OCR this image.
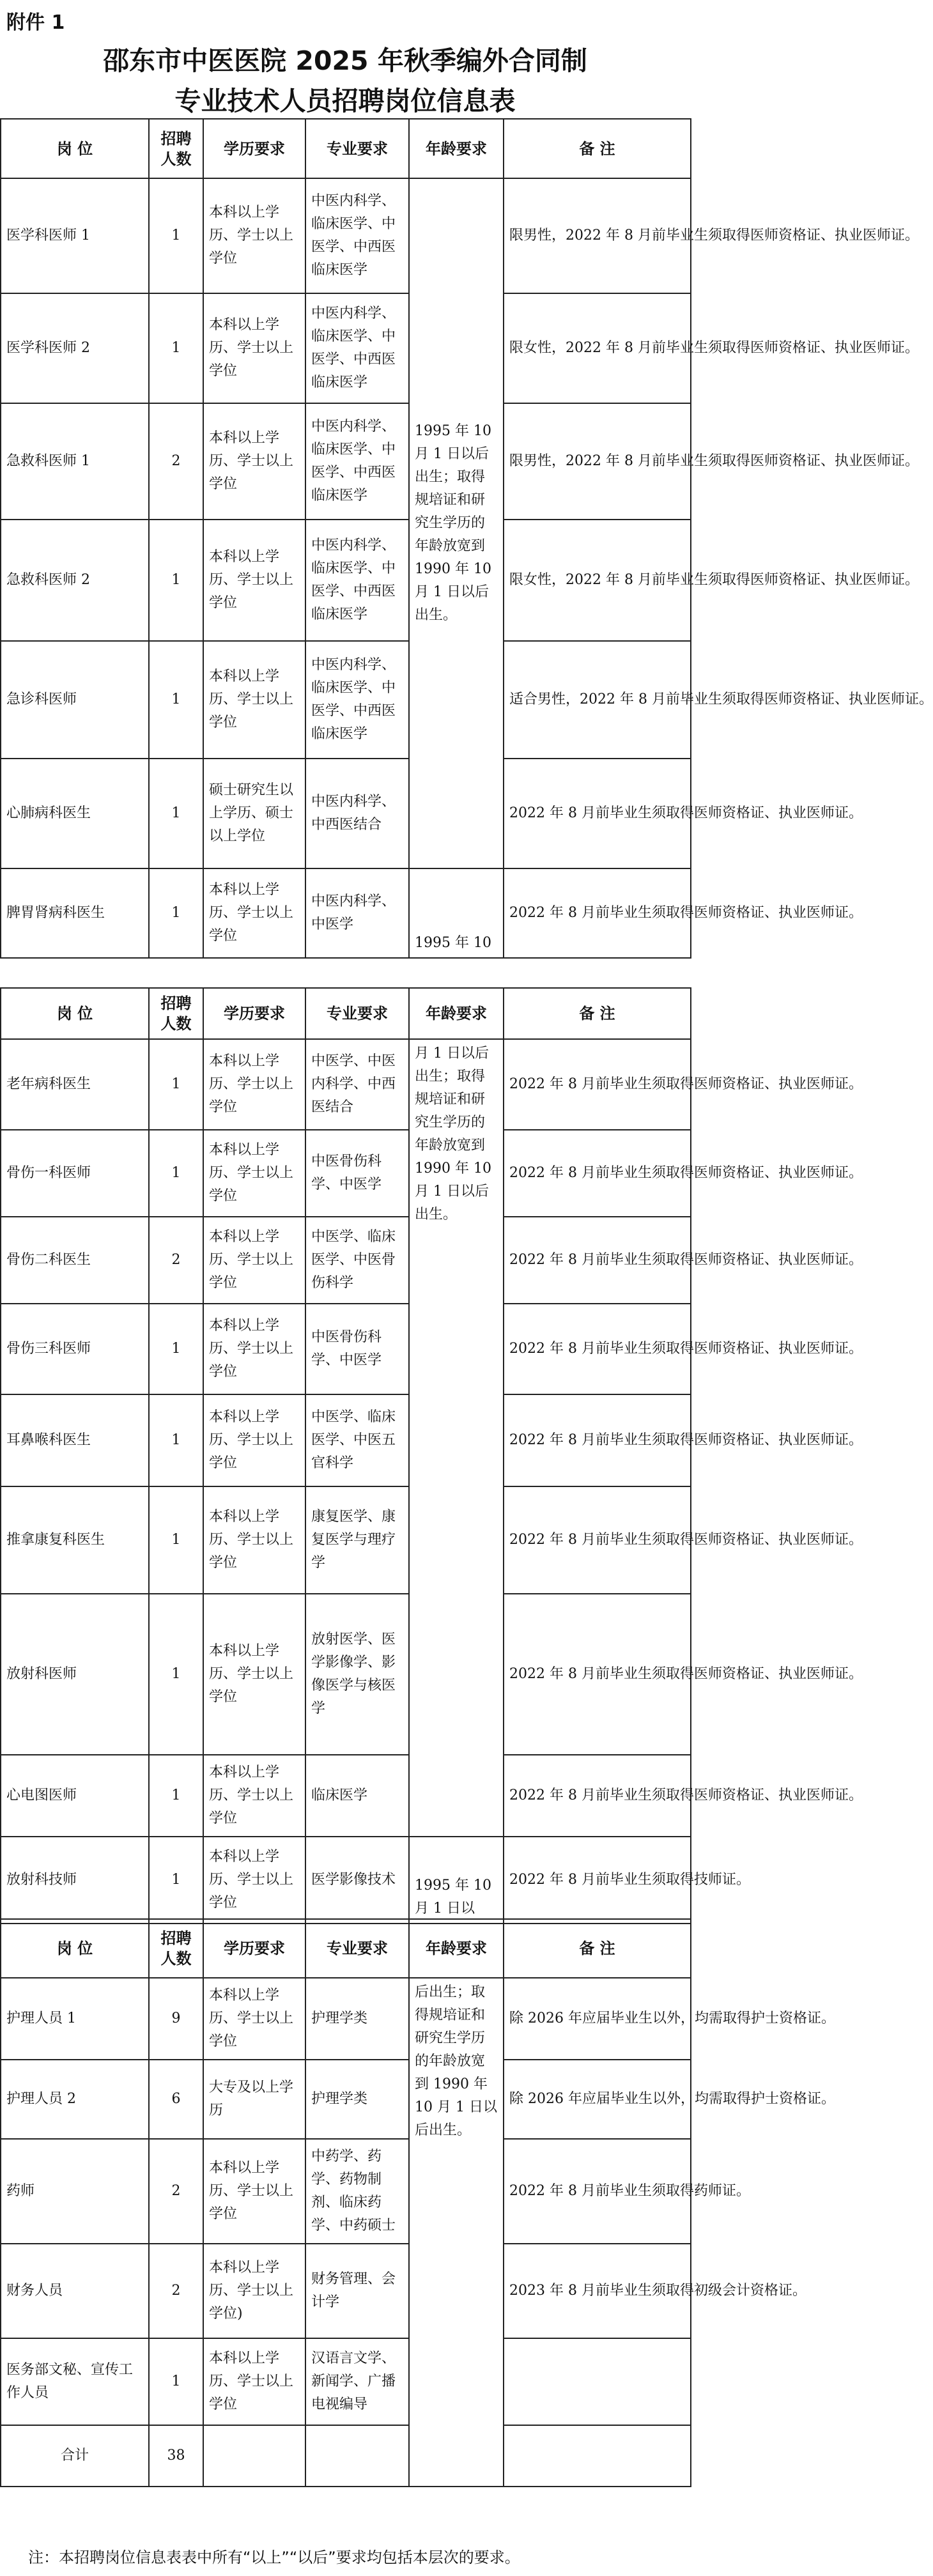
附件 1
邵东市中医医院 2025 年秋季编外合同制
专业技术人员招聘岗位信息表
岗 位	招聘人数	学历要求	专业要求	年龄要求	备 注
医学科医师 1	1	本科以上学历、学士以上学位	中医内科学、临床医学、中医学、中西医临床医学	1995 年 10 月 1 日以后出生；取得规培证和研究生学历的年龄放宽到 1990 年 10 月 1 日以后出生。	限男性，2022 年 8 月前毕业生须取得医师资格证、执业医师证。
医学科医师 2	1	本科以上学历、学士以上学位	中医内科学、临床医学、中医学、中西医临床医学		限女性，2022 年 8 月前毕业生须取得医师资格证、执业医师证。
急救科医师 1	2	本科以上学历、学士以上学位	中医内科学、临床医学、中医学、中西医临床医学		限男性，2022 年 8 月前毕业生须取得医师资格证、执业医师证。
急救科医师 2	1	本科以上学历、学士以上学位	中医内科学、临床医学、中医学、中西医临床医学		限女性，2022 年 8 月前毕业生须取得医师资格证、执业医师证。
急诊科医师	1	本科以上学历、学士以上学位	中医内科学、临床医学、中医学、中西医临床医学		适合男性，2022 年 8 月前毕业生须取得医师资格证、执业医师证。
心肺病科医生	1	硕士研究生以上学历、硕士以上学位	中医内科学、中西医结合		2022 年 8 月前毕业生须取得医师资格证、执业医师证。
脾胃肾病科医生	1	本科以上学历、学士以上学位	中医内科学、中医学	1995 年 10	2022 年 8 月前毕业生须取得医师资格证、执业医师证。
岗 位	招聘人数	学历要求	专业要求	年龄要求	备 注
老年病科医生	1	本科以上学历、学士以上学位	中医学、中医内科学、中西医结合	月 1 日以后出生；取得规培证和研究生学历的年龄放宽到 1990 年 10 月 1 日以后出生。	2022 年 8 月前毕业生须取得医师资格证、执业医师证。
骨伤一科医师	1	本科以上学历、学士以上学位	中医骨伤科学、中医学		2022 年 8 月前毕业生须取得医师资格证、执业医师证。
骨伤二科医生	2	本科以上学历、学士以上学位	中医学、临床医学、中医骨伤科学		2022 年 8 月前毕业生须取得医师资格证、执业医师证。
骨伤三科医师	1	本科以上学历、学士以上学位	中医骨伤科学、中医学		2022 年 8 月前毕业生须取得医师资格证、执业医师证。
耳鼻喉科医生	1	本科以上学历、学士以上学位	中医学、临床医学、中医五官科学		2022 年 8 月前毕业生须取得医师资格证、执业医师证。
推拿康复科医生	1	本科以上学历、学士以上学位	康复医学、康复医学与理疗学		2022 年 8 月前毕业生须取得医师资格证、执业医师证。
放射科医师	1	本科以上学历、学士以上学位	放射医学、医学影像学、影像医学与核医学		2022 年 8 月前毕业生须取得医师资格证、执业医师证。
心电图医师	1	本科以上学历、学士以上学位	临床医学		2022 年 8 月前毕业生须取得医师资格证、执业医师证。
放射科技师	1	本科以上学历、学士以上学位	医学影像技术	1995 年 10 月 1 日以	2022 年 8 月前毕业生须取得技师证。
岗 位	招聘人数	学历要求	专业要求	年龄要求	备 注
护理人员 1	9	本科以上学历、学士以上学位	护理学类	后出生；取得规培证和研究生学历的年龄放宽到 1990 年 10 月 1 日以后出生。	除 2026 年应届毕业生以外，均需取得护士资格证。
护理人员 2	6	大专及以上学历	护理学类		除 2026 年应届毕业生以外，均需取得护士资格证。
药师	2	本科以上学历、学士以上学位	中药学、药学、药物制剂、临床药学、中药硕士		2022 年 8 月前毕业生须取得药师证。
财务人员	2	本科以上学历、学士以上学位)	财务管理、会计学		2023 年 8 月前毕业生须取得初级会计资格证。
医务部文秘、宣传工作人员	1	本科以上学历、学士以上学位	汉语言文学、新闻学、广播电视编导		
合计	38				
注：本招聘岗位信息表表中所有“以上”“以后”要求均包括本层次的要求。
